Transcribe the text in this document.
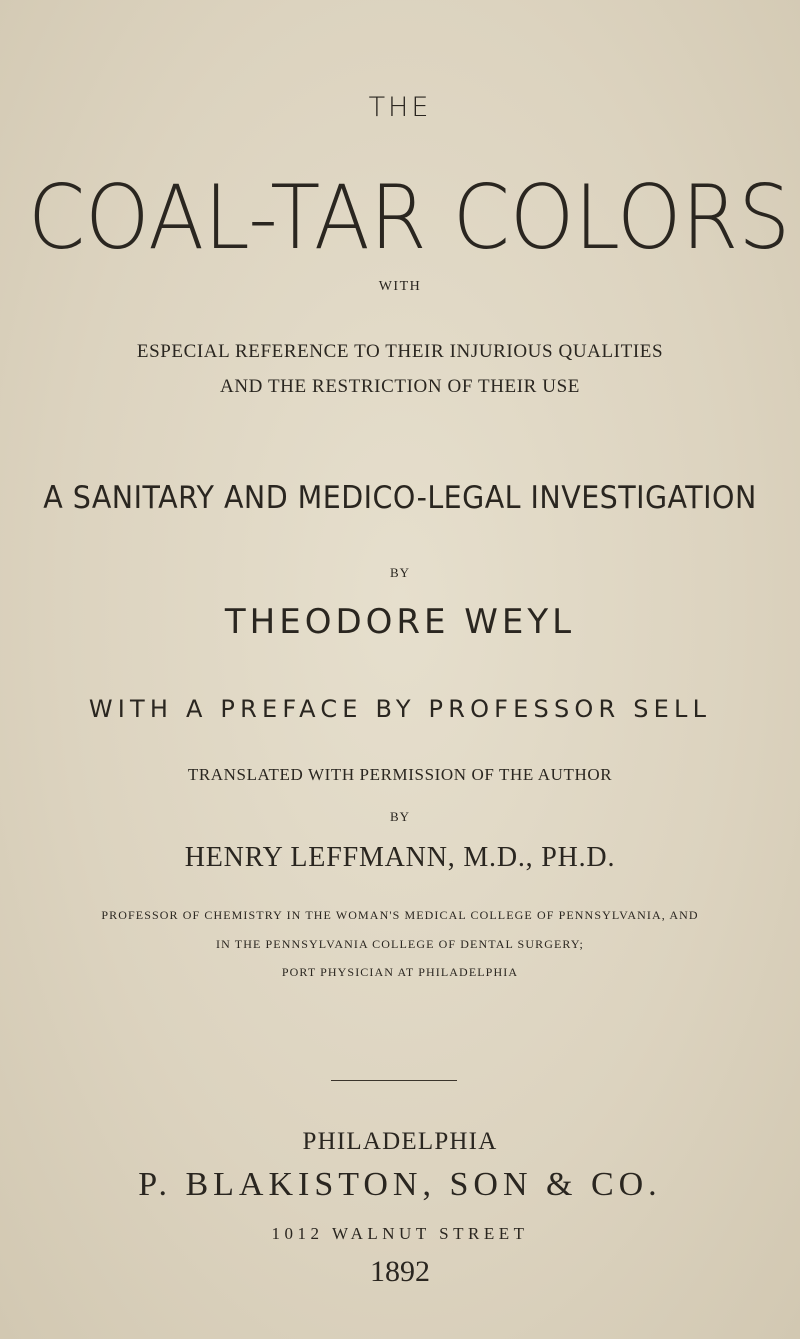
THE

COAL-TAR COLORS

WITH

ESPECIAL REFERENCE TO THEIR INJURIOUS QUALITIES

AND THE RESTRICTION OF THEIR USE

A SANITARY AND MEDICO-LEGAL INVESTIGATION

BY

THEODORE WEYL

WITH A PREFACE BY PROFESSOR SELL

TRANSLATED WITH PERMISSION OF THE AUTHOR

BY

HENRY LEFFMANN, M.D., PH.D.

PROFESSOR OF CHEMISTRY IN THE WOMAN'S MEDICAL COLLEGE OF PENNSYLVANIA, AND

IN THE PENNSYLVANIA COLLEGE OF DENTAL SURGERY;

PORT PHYSICIAN AT PHILADELPHIA

PHILADELPHIA

P. BLAKISTON, SON & CO.

1012 WALNUT STREET

1892
